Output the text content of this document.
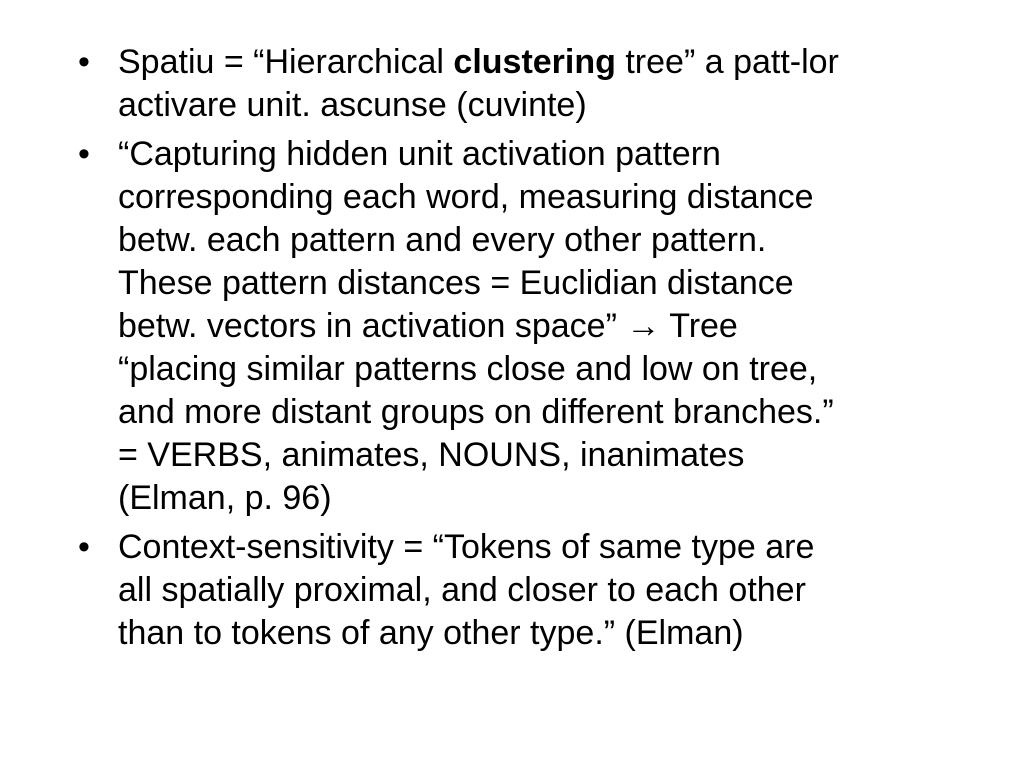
• Spatiu = “Hierarchical clustering tree” a patt-lor
activare unit. ascunse (cuvinte)
• “Capturing hidden unit activation pattern
corresponding each word, measuring distance
betw. each pattern and every other pattern.
These pattern distances = Euclidian distance
betw. vectors in activation space” → Tree
“placing similar patterns close and low on tree,
and more distant groups on different branches.”
= VERBS, animates, NOUNS, inanimates
(Elman, p. 96)
• Context-sensitivity = “Tokens of same type are
all spatially proximal, and closer to each other
than to tokens of any other type.” (Elman)
